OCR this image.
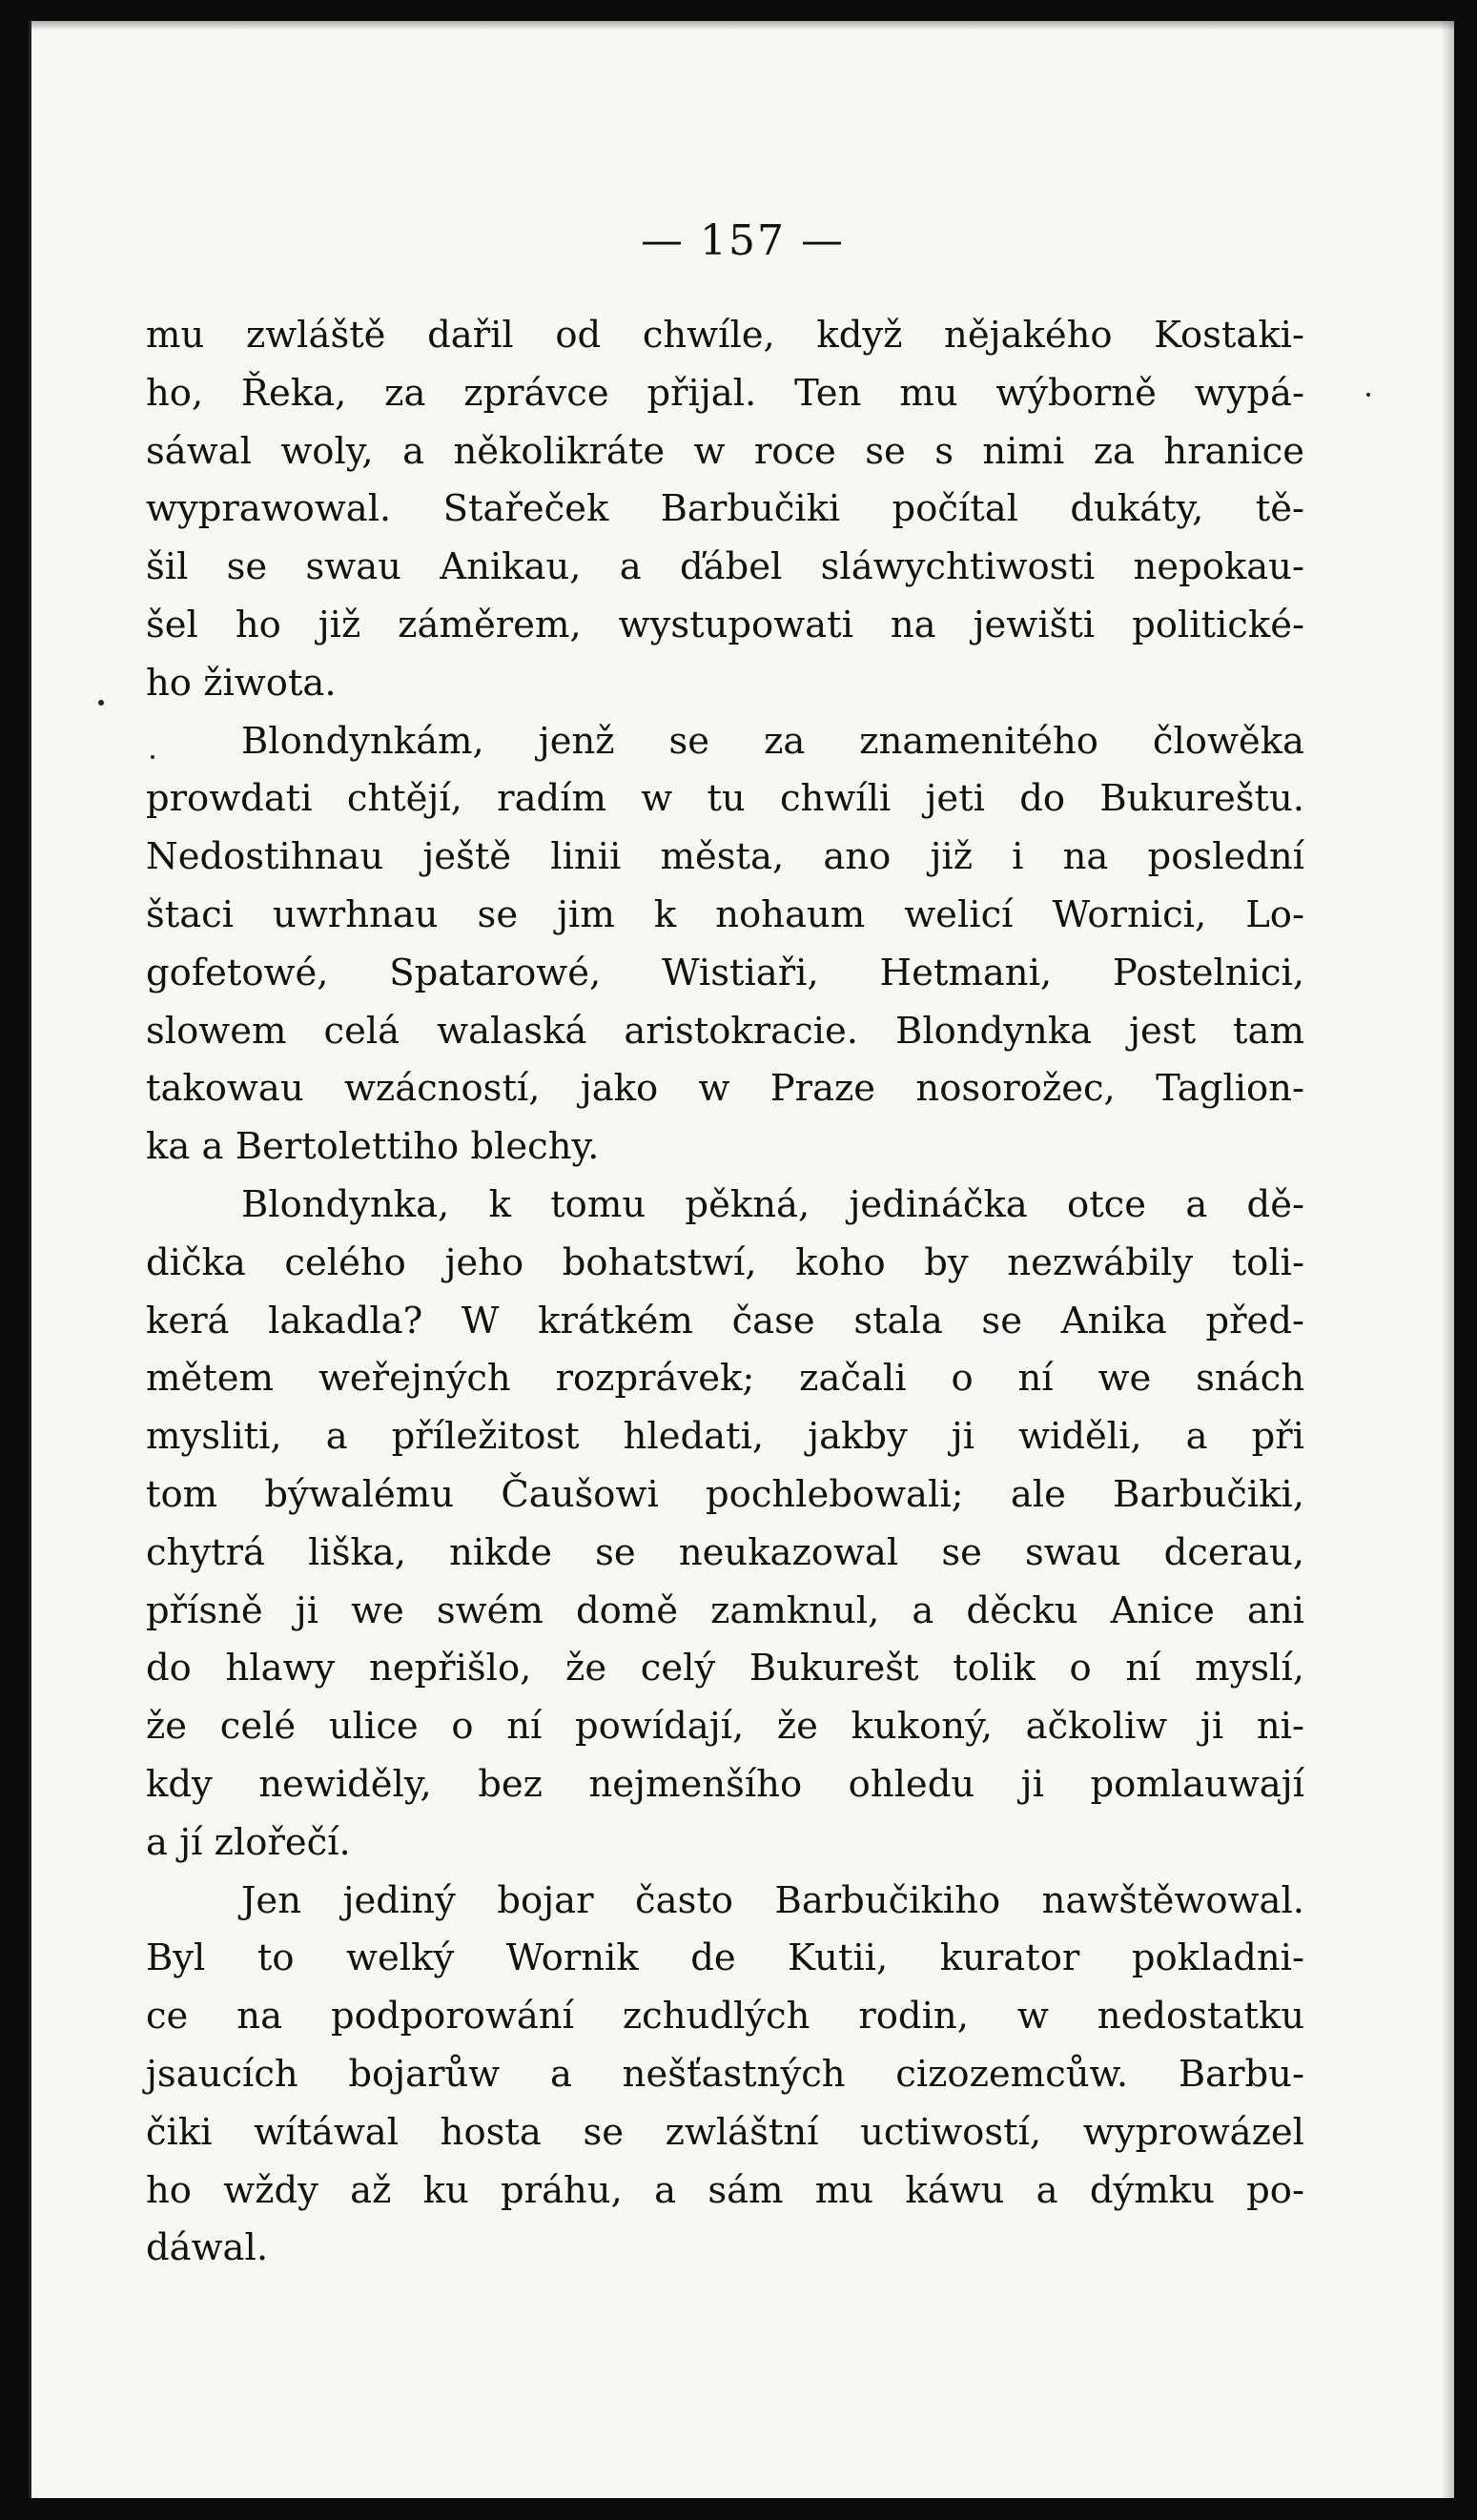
— 157 —
mu zwláště dařil od chwíle, když nějakého Kostaki-
ho, Řeka, za zprávce přijal. Ten mu wýborně wypá-
sáwal woly, a několikráte w roce se s nimi za hranice
wyprawowal. Stařeček Barbučiki počítal dukáty, tě-
šil se swau Anikau, a ďábel sláwychtiwosti nepokau-
šel ho již záměrem, wystupowati na jewišti politické-
ho žiwota.
Blondynkám, jenž se za znamenitého člowěka
prowdati chtějí, radím w tu chwíli jeti do Bukureštu.
Nedostihnau ještě linii města, ano již i na poslední
štaci uwrhnau se jim k nohaum welicí Wornici, Lo-
gofetowé, Spatarowé, Wistiaři, Hetmani, Postelnici,
slowem celá walaská aristokracie. Blondynka jest tam
takowau wzácností, jako w Praze nosorožec, Taglion-
ka a Bertolettiho blechy.
Blondynka, k tomu pěkná, jedináčka otce a dě-
dička celého jeho bohatstwí, koho by nezwábily toli-
kerá lakadla? W krátkém čase stala se Anika před-
mětem weřejných rozprávek; začali o ní we snách
mysliti, a příležitost hledati, jakby ji widěli, a při
tom býwalému Čaušowi pochlebowali; ale Barbučiki,
chytrá liška, nikde se neukazowal se swau dcerau,
přísně ji we swém domě zamknul, a děcku Anice ani
do hlawy nepřišlo, že celý Bukurešt tolik o ní myslí,
že celé ulice o ní powídají, že kukoný, ačkoliw ji ni-
kdy newiděly, bez nejmenšího ohledu ji pomlauwají
a jí zlořečí.
Jen jediný bojar často Barbučikiho nawštěwowal.
Byl to welký Wornik de Kutii, kurator pokladni-
ce na podporowání zchudlých rodin, w nedostatku
jsaucích bojarůw a nešťastných cizozemcůw. Barbu-
čiki wítáwal hosta se zwláštní uctiwostí, wyprowázel
ho wždy až ku práhu, a sám mu káwu a dýmku po-
dáwal.
